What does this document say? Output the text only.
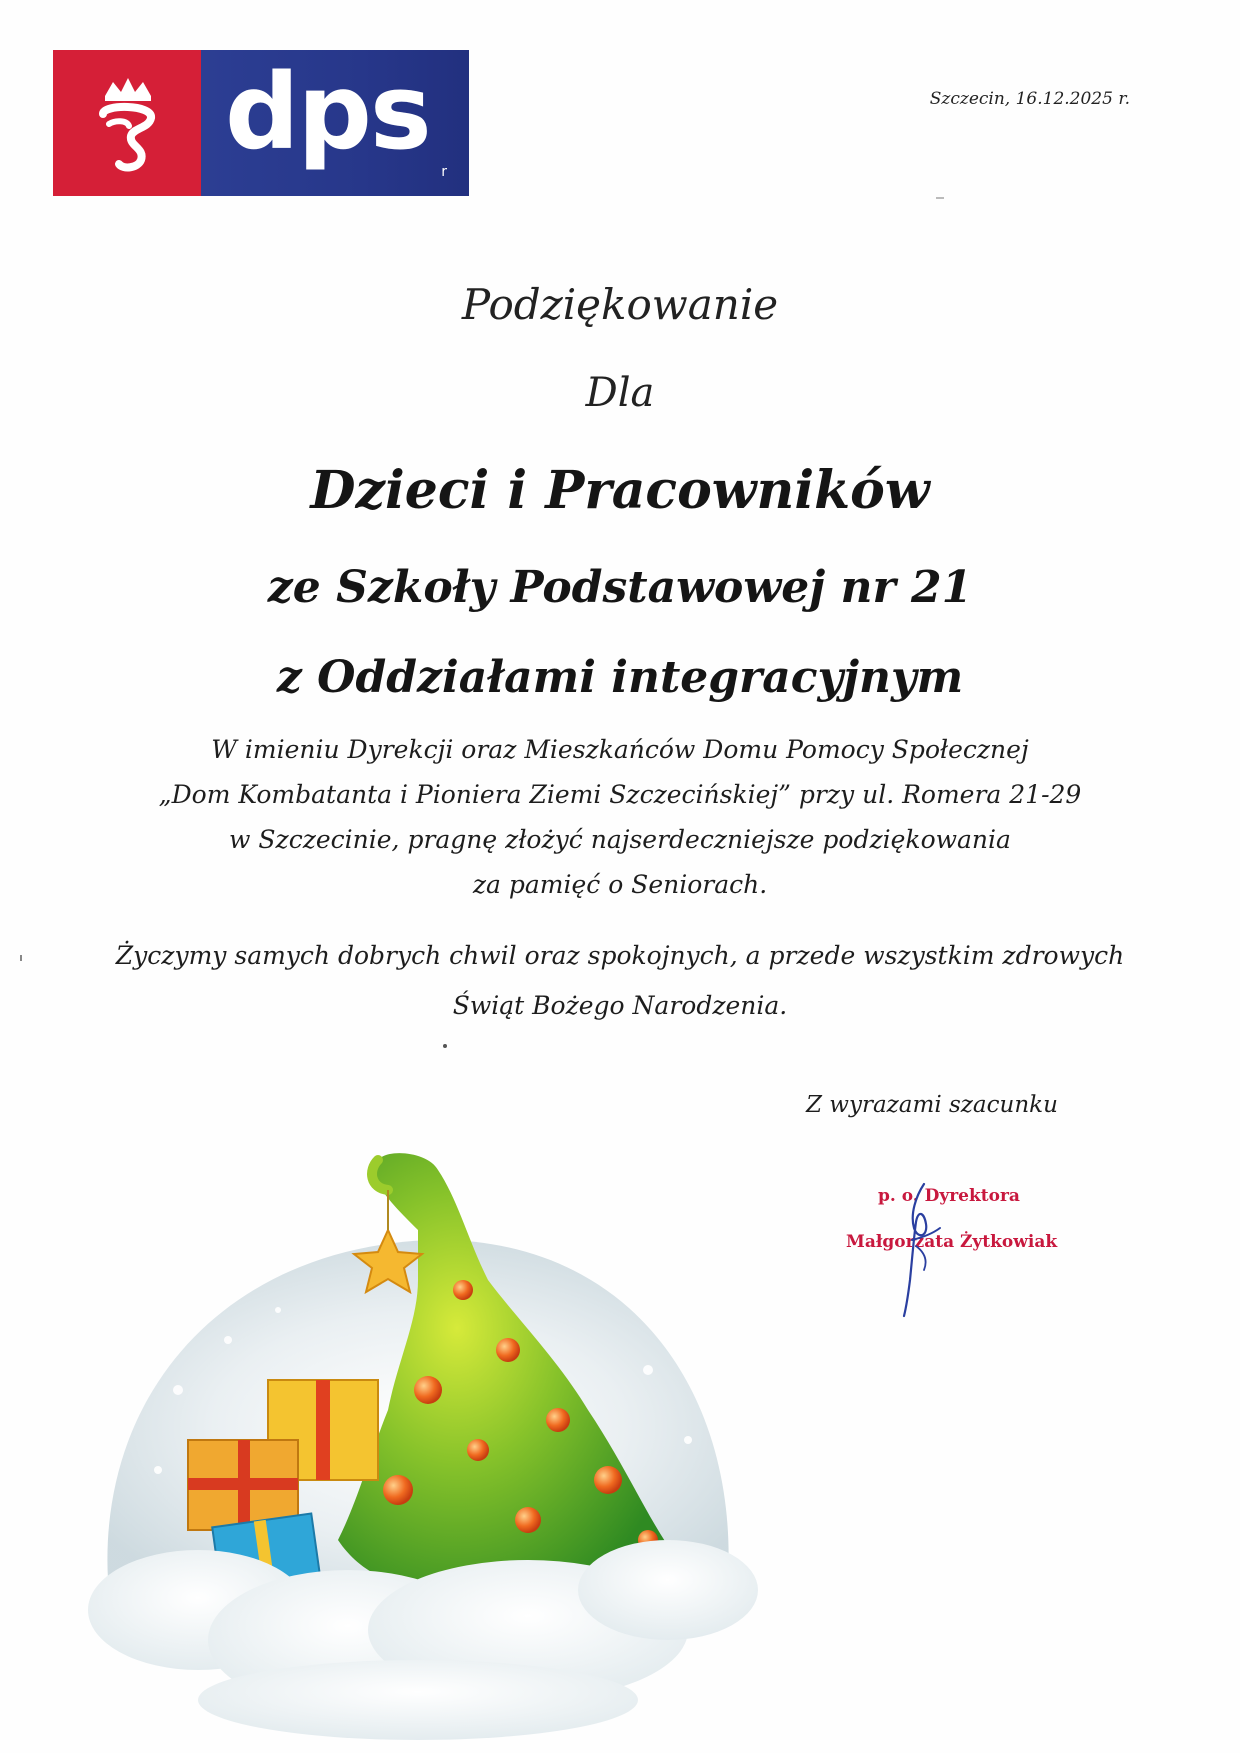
dps r
Szczecin, 16.12.2025 r.
Podziękowanie
Dla
Dzieci i Pracowników
ze Szkoły Podstawowej nr 21
z Oddziałami integracyjnym
W imieniu Dyrekcji oraz Mieszkańców Domu Pomocy Społecznej
„Dom Kombatanta i Pioniera Ziemi Szczecińskiej” przy ul. Romera 21-29
w Szczecinie, pragnę złożyć najserdeczniejsze podziękowania
za pamięć o Seniorach.
Życzymy samych dobrych chwil oraz spokojnych, a przede wszystkim zdrowych
Świąt Bożego Narodzenia.
Z wyrazami szacunku
p. o. Dyrektora
Małgorzata Żytkowiak
